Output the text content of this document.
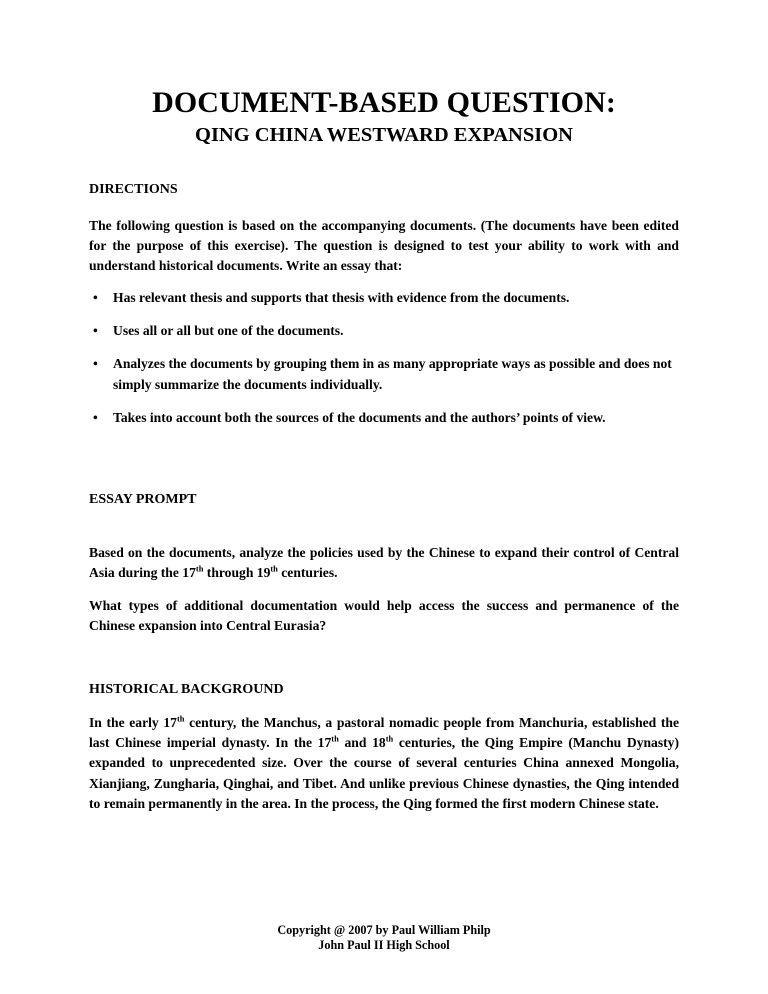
DOCUMENT-BASED QUESTION:
QING CHINA WESTWARD EXPANSION
DIRECTIONS

The following question is based on the accompanying documents. (The documents have been edited for the purpose of this exercise). The question is designed to test your ability to work with and understand historical documents. Write an essay that:

• Has relevant thesis and supports that thesis with evidence from the documents.
• Uses all or all but one of the documents.
• Analyzes the documents by grouping them in as many appropriate ways as possible and does not simply summarize the documents individually.
• Takes into account both the sources of the documents and the authors’ points of view.
ESSAY PROMPT

Based on the documents, analyze the policies used by the Chinese to expand their control of Central Asia during the 17th through 19th centuries.

What types of additional documentation would help access the success and permanence of the Chinese expansion into Central Eurasia?

HISTORICAL BACKGROUND

In the early 17th century, the Manchus, a pastoral nomadic people from Manchuria, established the last Chinese imperial dynasty. In the 17th and 18th centuries, the Qing Empire (Manchu Dynasty) expanded to unprecedented size. Over the course of several centuries China annexed Mongolia, Xianjiang, Zungharia, Qinghai, and Tibet. And unlike previous Chinese dynasties, the Qing intended to remain permanently in the area. In the process, the Qing formed the first modern Chinese state.

Copyright @ 2007 by Paul William Philp
John Paul II High School
